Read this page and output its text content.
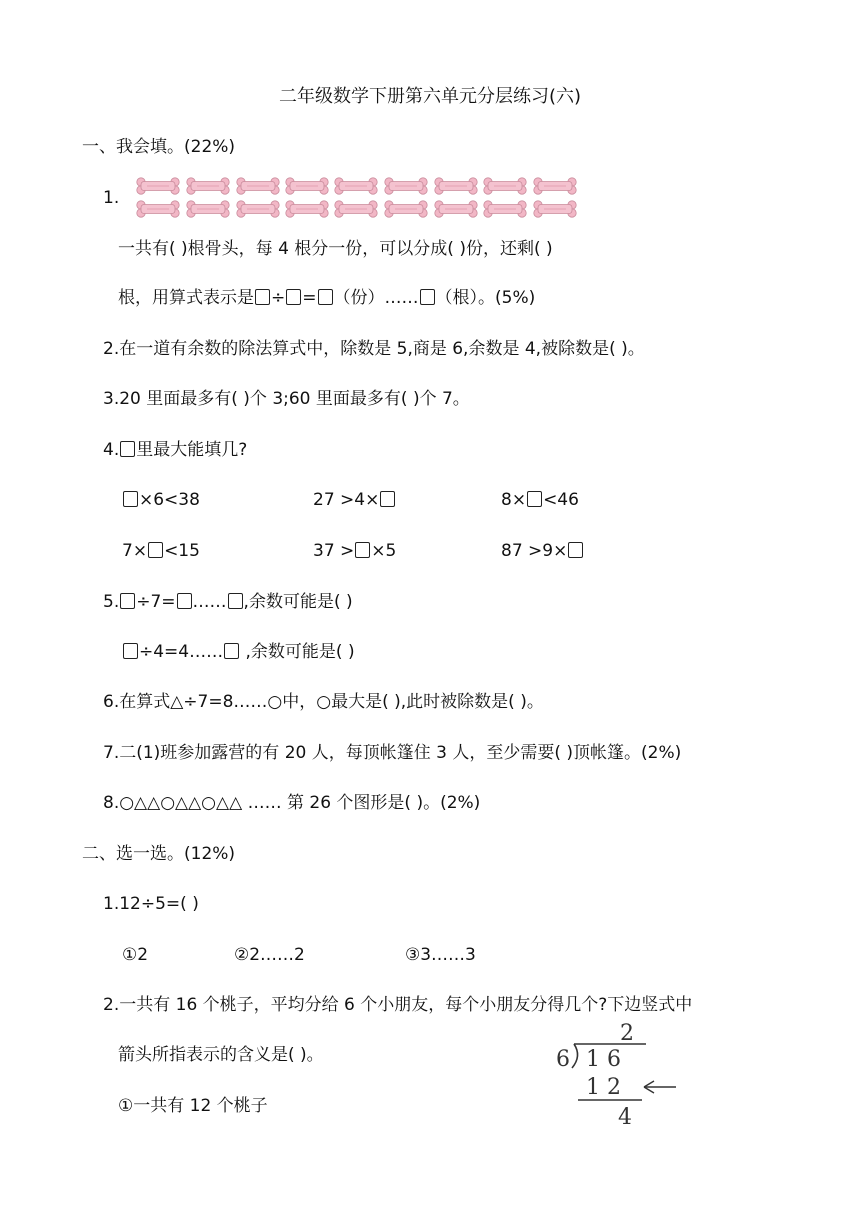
二年级数学下册第六单元分层练习(六)
一、我会填。(22%)
1.
一共有( )根骨头，每 4 根分一份，可以分成( )份，还剩( )
根，用算式表示是 ÷ = （份）…… （根）。(5%)
2.在一道有余数的除法算式中，除数是 5,商是 6,余数是 4,被除数是( )。
3.20 里面最多有( )个 3;60 里面最多有( )个 7。
4. 里最大能填几?
×6<38	27 >4×	8× <46
7× <15	37 > ×5	87 >9×
5. ÷7= …… ,余数可能是( )
÷4=4…… ,余数可能是( )
6.在算式△÷7=8……○中，○最大是( ),此时被除数是( )。
7.二(1)班参加露营的有 20 人，每顶帐篷住 3 人，至少需要( )顶帐篷。(2%)
8.○△△○△△○△△ …… 第 26 个图形是( )。(2%)
二、选一选。(12%)
1.12÷5=( )
①2	②2……2	③3……3
2.一共有 16 个桃子，平均分给 6 个小朋友，每个小朋友分得几个?下边竖式中
箭头所指表示的含义是( )。
①一共有 12 个桃子
2
6 1 6
1 2
4
